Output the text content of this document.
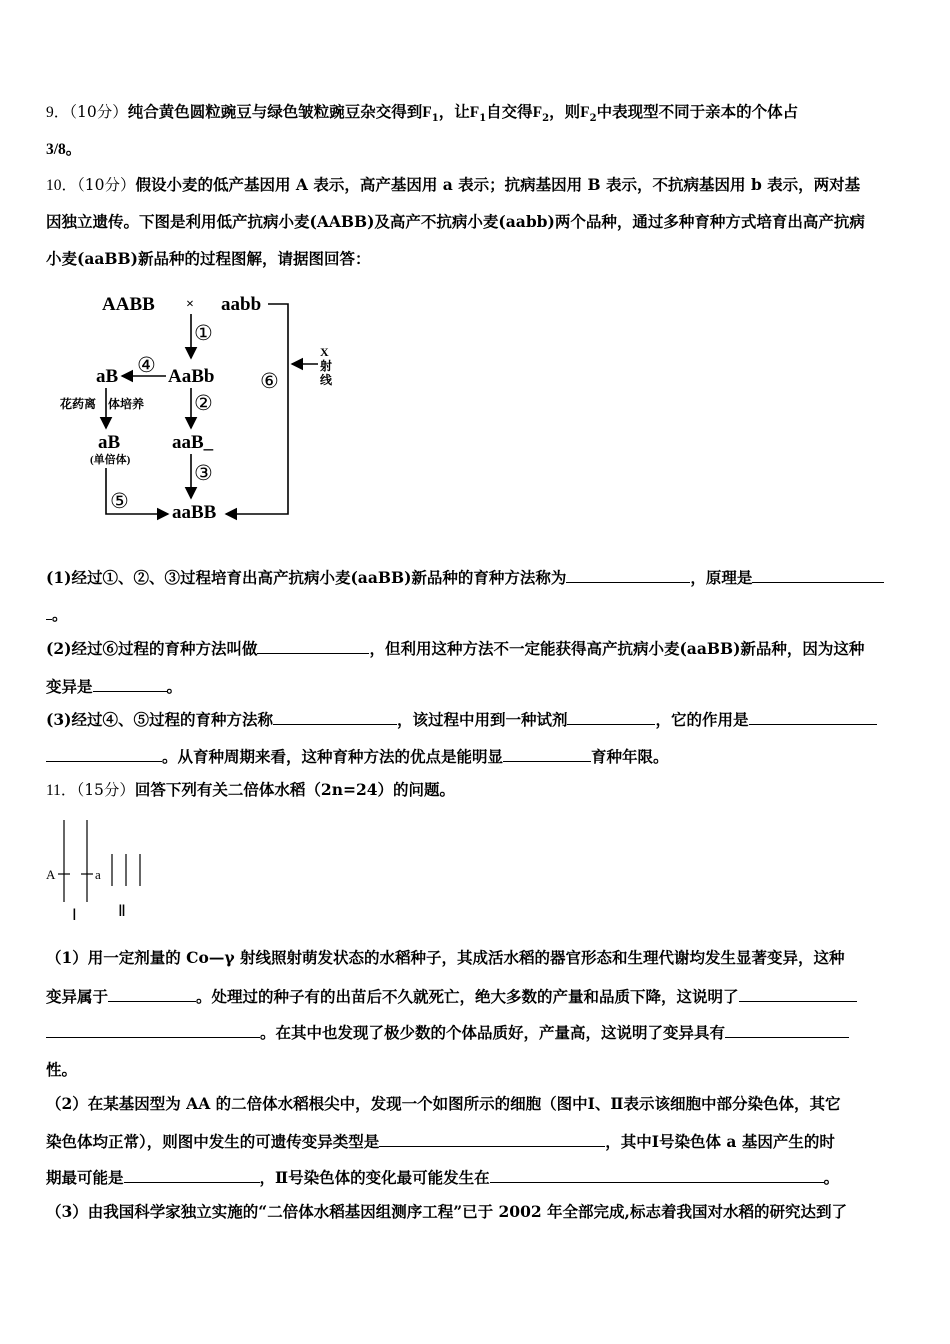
9．（10分）纯合黄色圆粒豌豆与绿色皱粒豌豆杂交得到$F_1$，让$F_1$自交得$F_2$，则$F_2$中表现型不同于亲本的个体占
3/8。
10．（10分）假设小麦的低产基因用 A 表示，高产基因用 a 表示；抗病基因用 B 表示，不抗病基因用 b 表示，两对基
因独立遗传。下图是利用低产抗病小麦(AABB)及高产不抗病小麦(aabb)两个品种，通过多种育种方式培育出高产抗病
小麦(aaBB)新品种的过程图解，请据图回答：
AABB × aabb
AaBb
aB
aB
(单倍体)
aaB_
aaBB
花药离 体培养
X
射
线
①
②
③
④
⑤
⑥
(1)经过①、②、③过程培育出高产抗病小麦(aaBB)新品种的育种方法称为	，原理是
。
(2)经过⑥过程的育种方法叫做	，但利用这种方法不一定能获得高产抗病小麦(aaBB)新品种，因为这种
变异是	。
(3)经过④、⑤过程的育种方法称	，该过程中用到一种试剂	，它的作用是
。从育种周期来看，这种育种方法的优点是能明显	育种年限。
11．（15分）回答下列有关二倍体水稻（2n=24）的问题。
A	a
Ⅰ	Ⅱ
（1）用一定剂量的 Co—γ 射线照射萌发状态的水稻种子，其成活水稻的器官形态和生理代谢均发生显著变异，这种
变异属于	。处理过的种子有的出苗后不久就死亡，绝大多数的产量和品质下降，这说明了
。在其中也发现了极少数的个体品质好，产量高，这说明了变异具有
性。
（2）在某基因型为 AA 的二倍体水稻根尖中，发现一个如图所示的细胞（图中Ⅰ、Ⅱ表示该细胞中部分染色体，其它
染色体均正常），则图中发生的可遗传变异类型是	，其中Ⅰ号染色体 a 基因产生的时
期最可能是	，Ⅱ号染色体的变化最可能发生在	。
（3）由我国科学家独立实施的“二倍体水稻基因组测序工程”已于 2002 年全部完成,标志着我国对水稻的研究达到了
